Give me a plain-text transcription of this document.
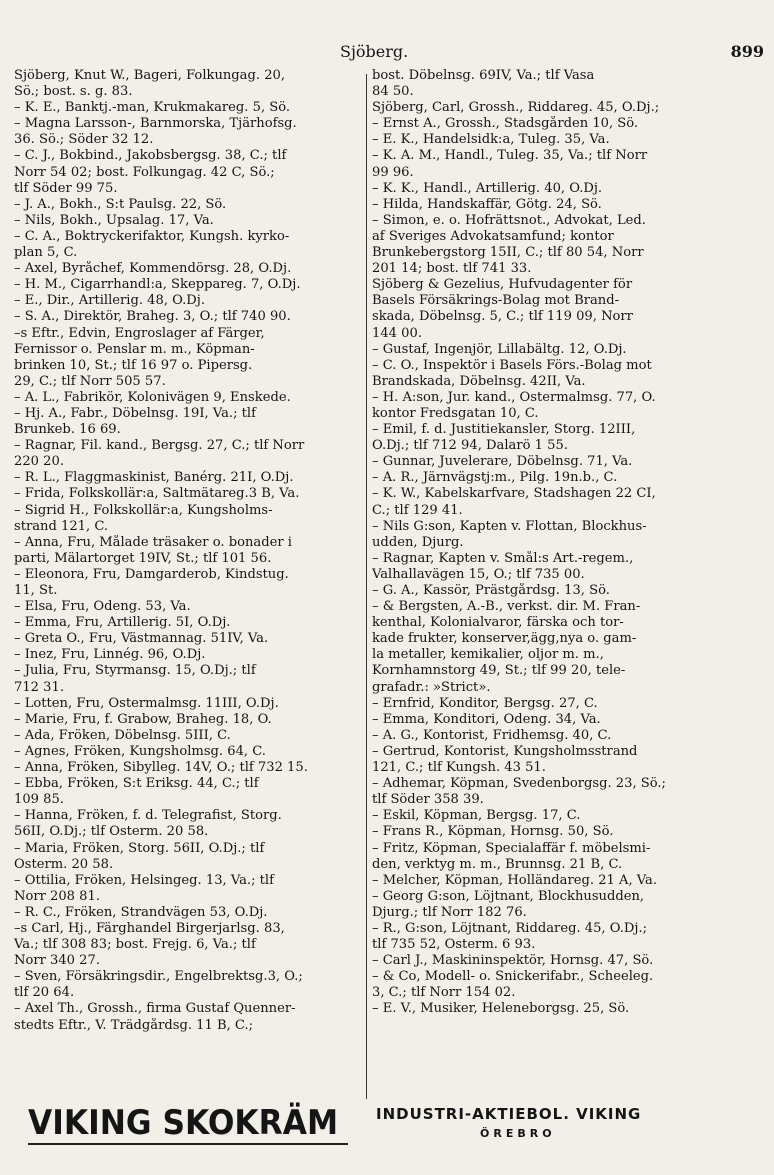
Sjöberg.	899
Sjöberg, Knut W., Bageri, Folkungag. 20,
Sö.; bost. s. g. 83.
– K. E., Banktj.-man, Krukmakareg. 5, Sö.
– Magna Larsson-, Barnmorska, Tjärhofsg.
36. Sö.; Söder 32 12.
– C. J., Bokbind., Jakobsbergsg. 38, C.; tlf
Norr 54 02; bost. Folkungag. 42 C, Sö.;
tlf Söder 99 75.
– J. A., Bokh., S:t Paulsg. 22, Sö.
– Nils, Bokh., Upsalag. 17, Va.
– C. A., Boktryckerifaktor, Kungsh. kyrko-
plan 5, C.
– Axel, Byråchef, Kommendörsg. 28, Ö.Dj.
– H. M., Cigarrhandl:a, Skeppareg. 7, Ö.Dj.
– E., Dir., Artillerig. 48, Ö.Dj.
– S. A., Direktör, Braheg. 3, Ö.; tlf 740 90.
–s Eftr., Edvin, Engroslager af Färger,
Fernissor o. Penslar m. m., Köpman-
brinken 10, St.; tlf 16 97 o. Pipersg.
29, C.; tlf Norr 505 57.
– A. L., Fabrikör, Kolonivägen 9, Enskede.
– Hj. A., Fabr., Döbelnsg. 19I, Va.; tlf
Brunkeb. 16 69.
– Ragnar, Fil. kand., Bergsg. 27, C.; tlf Norr
220 20.
– R. L., Flaggmaskinist, Banérg. 21I, Ö.Dj.
– Frida, Folkskollär:a, Saltmätareg.3 B, Va.
– Sigrid H., Folkskollär:a, Kungsholms-
strand 121, C.
– Anna, Fru, Målade träsaker o. bonader i
parti, Mälartorget 19IV, St.; tlf 101 56.
– Eleonora, Fru, Damgarderob, Kindstug.
11, St.
– Elsa, Fru, Odeng. 53, Va.
– Emma, Fru, Artillerig. 5I, Ö.Dj.
– Greta O., Fru, Västmannag. 51IV, Va.
– Inez, Fru, Linnég. 96, Ö.Dj.
– Julia, Fru, Styrmansg. 15, Ö.Dj.; tlf
712 31.
– Lotten, Fru, Östermalmsg. 11III, Ö.Dj.
– Marie, Fru, f. Grabow, Braheg. 18, Ö.
– Ada, Fröken, Döbelnsg. 5III, C.
– Agnes, Fröken, Kungsholmsg. 64, C.
– Anna, Fröken, Sibylleg. 14V, Ö.; tlf 732 15.
– Ebba, Fröken, S:t Eriksg. 44, C.; tlf
109 85.
– Hanna, Fröken, f. d. Telegrafist, Storg.
56II, Ö.Dj.; tlf Österm. 20 58.
– Maria, Fröken, Storg. 56II, Ö.Dj.; tlf
Österm. 20 58.
– Ottilia, Fröken, Helsingeg. 13, Va.; tlf
Norr 208 81.
– R. C., Fröken, Strandvägen 53, Ö.Dj.
–s Carl, Hj., Färghandel Birgerjarlsg. 83,
Va.; tlf 308 83; bost. Frejg. 6, Va.; tlf
Norr 340 27.
– Sven, Försäkringsdir., Engelbrektsg.3, Ö.;
tlf 20 64.
– Axel Th., Grossh., firma Gustaf Quenner-
stedts Eftr., V. Trädgårdsg. 11 B, C.;
bost. Döbelnsg. 69IV, Va.; tlf Vasa
84 50.
Sjöberg, Carl, Grossh., Riddareg. 45, Ö.Dj.;
– Ernst A., Grossh., Stadsgården 10, Sö.
– E. K., Handelsidk:a, Tuleg. 35, Va.
– K. A. M., Handl., Tuleg. 35, Va.; tlf Norr
99 96.
– K. K., Handl., Artillerig. 40, Ö.Dj.
– Hilda, Handskaffär, Götg. 24, Sö.
– Simon, e. o. Hofrättsnot., Advokat, Led.
af Sveriges Advokatsamfund; kontor
Brunkebergstorg 15II, C.; tlf 80 54, Norr
201 14; bost. tlf 741 33.
Sjöberg & Gezelius, Hufvudagenter för
Basels Försäkrings-Bolag mot Brand-
skada, Döbelnsg. 5, C.; tlf 119 09, Norr
144 00.
– Gustaf, Ingenjör, Lillabältg. 12, Ö.Dj.
– C. O., Inspektör i Basels Förs.-Bolag mot
Brandskada, Döbelnsg. 42II, Va.
– H. A:son, Jur. kand., Östermalmsg. 77, Ö.
kontor Fredsgatan 10, C.
– Emil, f. d. Justitiekansler, Storg. 12III,
Ö.Dj.; tlf 712 94, Dalarö 1 55.
– Gunnar, Juvelerare, Döbelnsg. 71, Va.
– A. R., Järnvägstj:m., Pilg. 19n.b., C.
– K. W., Kabelskarfvare, Stadshagen 22 CI,
C.; tlf 129 41.
– Nils G:son, Kapten v. Flottan, Blockhus-
udden, Djurg.
– Ragnar, Kapten v. Smål:s Art.-regem.,
Valhallavägen 15, Ö.; tlf 735 00.
– G. A., Kassör, Prästgårdsg. 13, Sö.
– & Bergsten, A.-B., verkst. dir. M. Fran-
kenthal, Kolonialvaror, färska och tor-
kade frukter, konserver,ägg,nya o. gam-
la metaller, kemikalier, oljor m. m.,
Kornhamnstorg 49, St.; tlf 99 20, tele-
grafadr.: »Strict».
– Ernfrid, Konditor, Bergsg. 27, C.
– Emma, Konditori, Odeng. 34, Va.
– A. G., Kontorist, Fridhemsg. 40, C.
– Gertrud, Kontorist, Kungsholmsstrand
121, C.; tlf Kungsh. 43 51.
– Adhemar, Köpman, Svedenborgsg. 23, Sö.;
tlf Söder 358 39.
– Eskil, Köpman, Bergsg. 17, C.
– Frans R., Köpman, Hornsg. 50, Sö.
– Fritz, Köpman, Specialaffär f. möbelsmi-
den, verktyg m. m., Brunnsg. 21 B, C.
– Melcher, Köpman, Holländareg. 21 A, Va.
– Georg G:son, Löjtnant, Blockhusudden,
Djurg.; tlf Norr 182 76.
– R., G:son, Löjtnant, Riddareg. 45, Ö.Dj.;
tlf 735 52, Österm. 6 93.
– Carl J., Maskininspektör, Hornsg. 47, Sö.
– & Co, Modell- o. Snickerifabr., Scheeleg.
3, C.; tlf Norr 154 02.
– E. V., Musiker, Heleneborgsg. 25, Sö.
VIKING SKOKRÄM	INDUSTRI-AKTIEBOL. VIKING
ÖREBRO
